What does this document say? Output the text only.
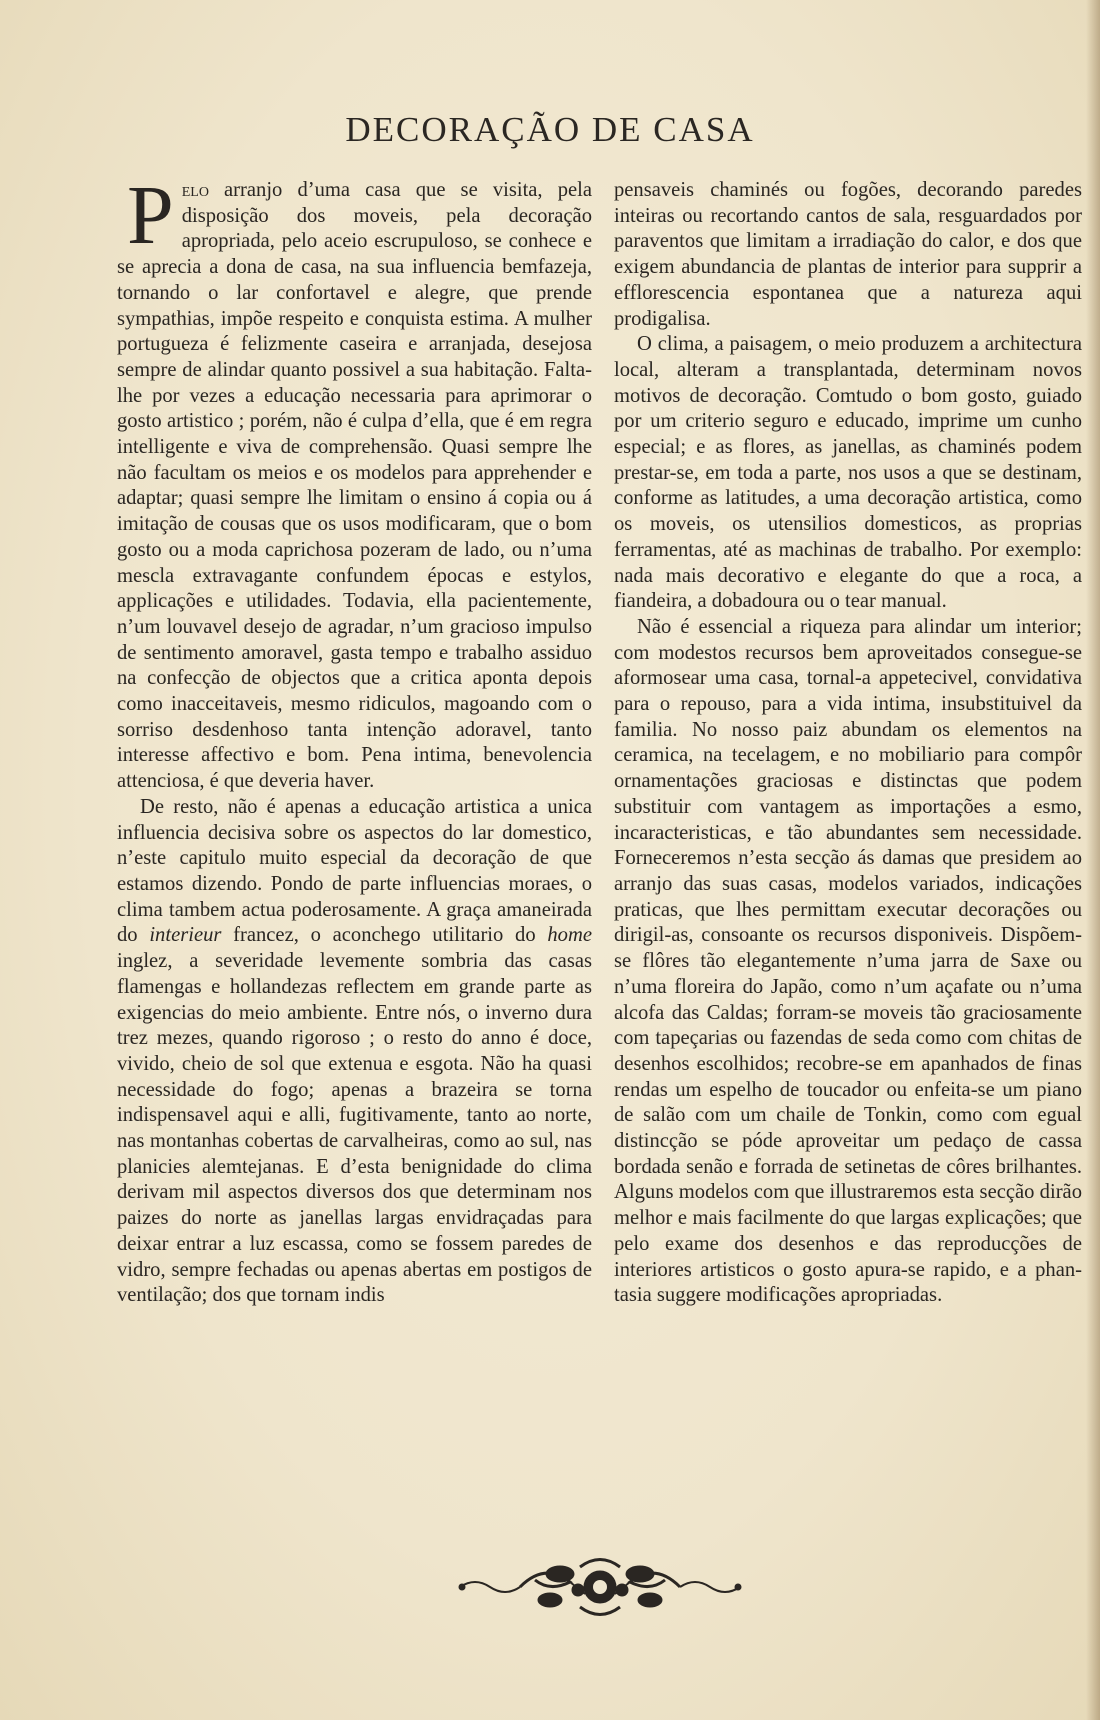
DECORAÇÃO DE CASA

Pelo arranjo d’uma casa que se visita, pela disposição dos moveis, pela decoração apropriada, pelo aceio escrupuloso, se conhece e se aprecia a dona de casa, na sua influencia bemfazeja, tornando o lar confortavel e alegre, que prende sympathias, impõe respeito e conquista estima. A mulher portugueza é felizmente caseira e arranjada, desejosa sempre de alindar quanto possivel a sua habitação. Falta-lhe por vezes a educação necessaria para aprimorar o gosto artistico ; porém, não é culpa d’ella, que é em regra intelligente e viva de comprehensão. Quasi sempre lhe não facultam os meios e os modelos para apprehender e adaptar; quasi sempre lhe limitam o ensino á copia ou á imitação de cousas que os usos modificaram, que o bom gosto ou a moda caprichosa pozeram de lado, ou n’uma mescla extravagante confundem épocas e estylos, applicações e utilidades. Todavia, ella pacientemente, n’um louvavel desejo de agradar, n’um gracioso impulso de sentimento amoravel, gasta tempo e trabalho assiduo na confecção de objectos que a critica aponta depois como inacceitaveis, mesmo ridiculos, magoando com o sorriso desdenhoso tanta intenção adoravel, tanto interesse affectivo e bom. Pena intima, benevolencia attenciosa, é que deveria haver.

De resto, não é apenas a educação artistica a unica influencia decisiva sobre os aspectos do lar domestico, n’este capitulo muito especial da decoração de que estamos dizendo. Pondo de parte influencias moraes, o clima tambem actua poderosamente. A graça amaneirada do interieur francez, o aconchego utilitario do home inglez, a severidade levemente sombria das casas flamengas e hollandezas reflectem em grande parte as exigencias do meio ambiente. Entre nós, o inverno dura trez mezes, quando rigoroso ; o resto do anno é doce, vivido, cheio de sol que extenua e esgota. Não ha quasi necessidade do fogo; apenas a brazeira se torna indispensavel aqui e alli, fugitivamente, tanto ao norte, nas montanhas cobertas de carvalheiras, como ao sul, nas planicies alemtejanas. E d’esta benignidade do clima derivam mil aspectos diversos dos que determinam nos paizes do norte as janellas largas envidraçadas para deixar entrar a luz escassa, como se fossem paredes de vidro, sempre fechadas ou apenas abertas em postigos de ventilação; dos que tornam indis

pensaveis chaminés ou fogões, decorando paredes inteiras ou recortando cantos de sala, resguardados por paraventos que limitam a irradiação do calor, e dos que exigem abundancia de plantas de interior para supprir a efflorescencia espontanea que a natureza aqui prodigalisa.

O clima, a paisagem, o meio produzem a architectura local, alteram a transplantada, determinam novos motivos de decoração. Comtudo o bom gosto, guiado por um criterio seguro e educado, imprime um cunho especial; e as flores, as janellas, as chaminés podem prestar-se, em toda a parte, nos usos a que se destinam, conforme as latitudes, a uma decoração artistica, como os moveis, os utensilios domesticos, as proprias ferramentas, até as machinas de trabalho. Por exemplo: nada mais decorativo e elegante do que a roca, a fiandeira, a dobadoura ou o tear manual.

Não é essencial a riqueza para alindar um interior; com modestos recursos bem aproveitados consegue-se aformosear uma casa, tornal-a appetecivel, convidativa para o repouso, para a vida intima, insubstituivel da familia. No nosso paiz abundam os elementos na ceramica, na tecelagem, e no mobiliario para compôr ornamentações graciosas e distinctas que podem substituir com vantagem as importações a esmo, incaracteristicas, e tão abundantes sem necessidade. Forneceremos n’esta secção ás damas que presidem ao arranjo das suas casas, modelos variados, indicações praticas, que lhes permittam executar decorações ou dirigil-as, consoante os recursos disponiveis. Dispõem-se flôres tão elegantemente n’uma jarra de Saxe ou n’uma floreira do Japão, como n’um açafate ou n’uma alcofa das Caldas; forram-se moveis tão graciosamente com tapeçarias ou fazendas de seda como com chitas de desenhos escolhidos; recobre-se em apanhados de finas rendas um espelho de toucador ou enfeita-se um piano de salão com um chaile de Tonkin, como com egual distincção se póde aproveitar um pedaço de cassa bordada senão e forrada de setinetas de côres brilhantes. Alguns modelos com que illustraremos esta secção dirão melhor e mais facilmente do que largas explicações; que pelo exame dos desenhos e das reproducções de interiores artisticos o gosto apura-se rapido, e a phantasia suggere modificações apropriadas.
